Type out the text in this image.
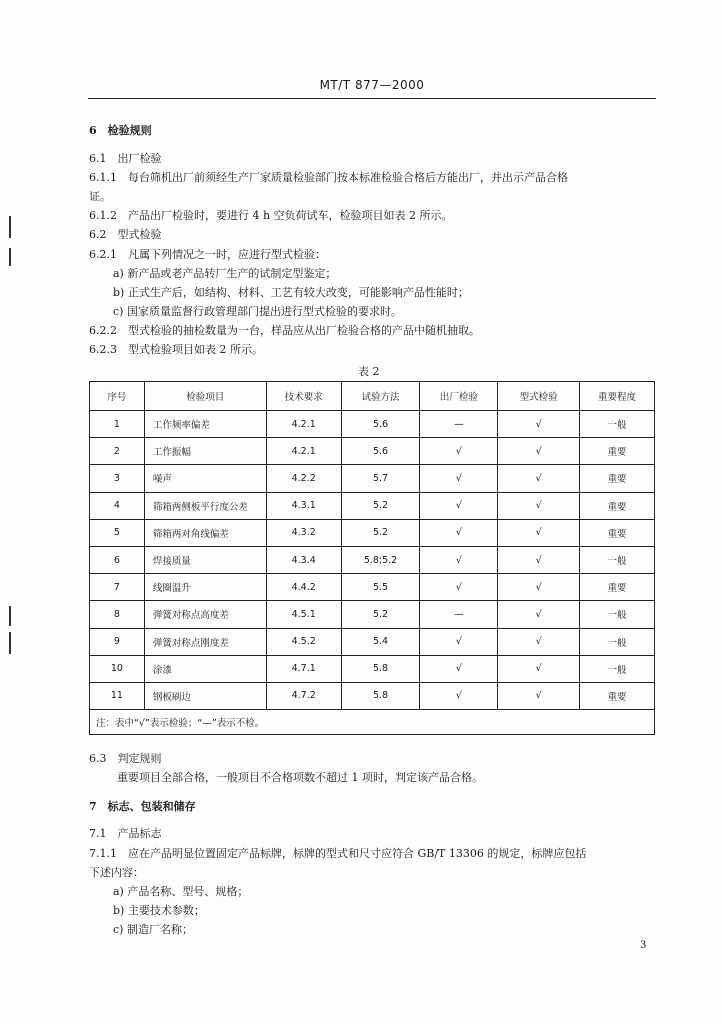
MT/T 877—2000
6　检验规则
6.1　出厂检验
6.1.1　每台筛机出厂前须经生产厂家质量检验部门按本标准检验合格后方能出厂，并出示产品合格
证。
6.1.2　产品出厂检验时，要进行 4 h 空负荷试车，检验项目如表 2 所示。
6.2　型式检验
6.2.1　凡属下列情况之一时，应进行型式检验：
a) 新产品或老产品转厂生产的试制定型鉴定；
b) 正式生产后，如结构、材料、工艺有较大改变，可能影响产品性能时；
c) 国家质量监督行政管理部门提出进行型式检验的要求时。
6.2.2　型式检验的抽检数量为一台，样品应从出厂检验合格的产品中随机抽取。
6.2.3　型式检验项目如表 2 所示。
表 2
序号	检验项目	技术要求	试验方法	出厂检验	型式检验	重要程度
1	工作频率偏差	4.2.1	5.6	—	√	一般
2	工作振幅	4.2.1	5.6	√	√	重要
3	噪声	4.2.2	5.7	√	√	重要
4	筛箱两侧板平行度公差	4.3.1	5.2	√	√	重要
5	筛箱两对角线偏差	4.3.2	5.2	√	√	重要
6	焊接质量	4.3.4	5.8;5.2	√	√	一般
7	线圈温升	4.4.2	5.5	√	√	重要
8	弹簧对称点高度差	4.5.1	5.2	—	√	一般
9	弹簧对称点刚度差	4.5.2	5.4	√	√	一般
10	涂漆	4.7.1	5.8	√	√	一般
11	钢板刷边	4.7.2	5.8	√	√	重要
注：表中“√”表示检验；“—”表示不检。						
6.3　判定规则
重要项目全部合格，一般项目不合格项数不超过 1 项时，判定该产品合格。
7　标志、包装和储存
7.1　产品标志
7.1.1　应在产品明显位置固定产品标牌，标牌的型式和尺寸应符合 GB/T 13306 的规定，标牌应包括
下述内容：
a) 产品名称、型号、规格；
b) 主要技术参数；
c) 制造厂名称；
3
